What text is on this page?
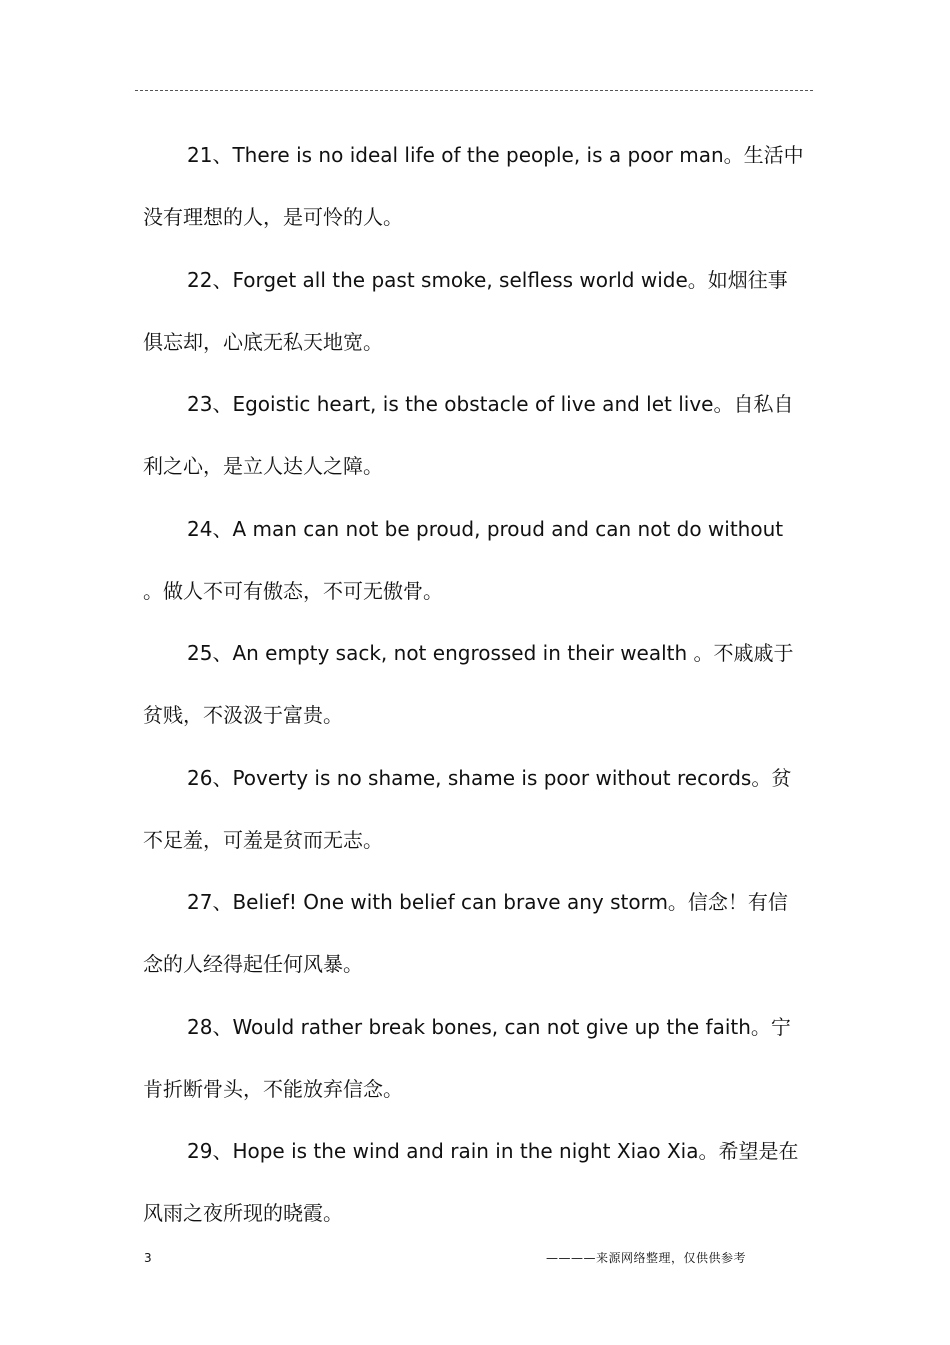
21、There is no ideal life of the people, is a poor man。生活中没有理想的人，是可怜的人。

22、Forget all the past smoke, selfless world wide。如烟往事俱忘却，心底无私天地宽。

23、Egoistic heart, is the obstacle of live and let live。自私自利之心，是立人达人之障。

24、A man can not be proud, proud and can not do without 。做人不可有傲态，不可无傲骨。

25、An empty sack, not engrossed in their wealth 。不戚戚于贫贱，不汲汲于富贵。

26、Poverty is no shame, shame is poor without records。贫不足羞，可羞是贫而无志。

27、Belief! One with belief can brave any storm。信念！有信念的人经得起任何风暴。

28、Would rather break bones, can not give up the faith。宁肯折断骨头，不能放弃信念。

29、Hope is the wind and rain in the night Xiao Xia。希望是在风雨之夜所现的晓霞。

3	————来源网络整理，仅供供参考
